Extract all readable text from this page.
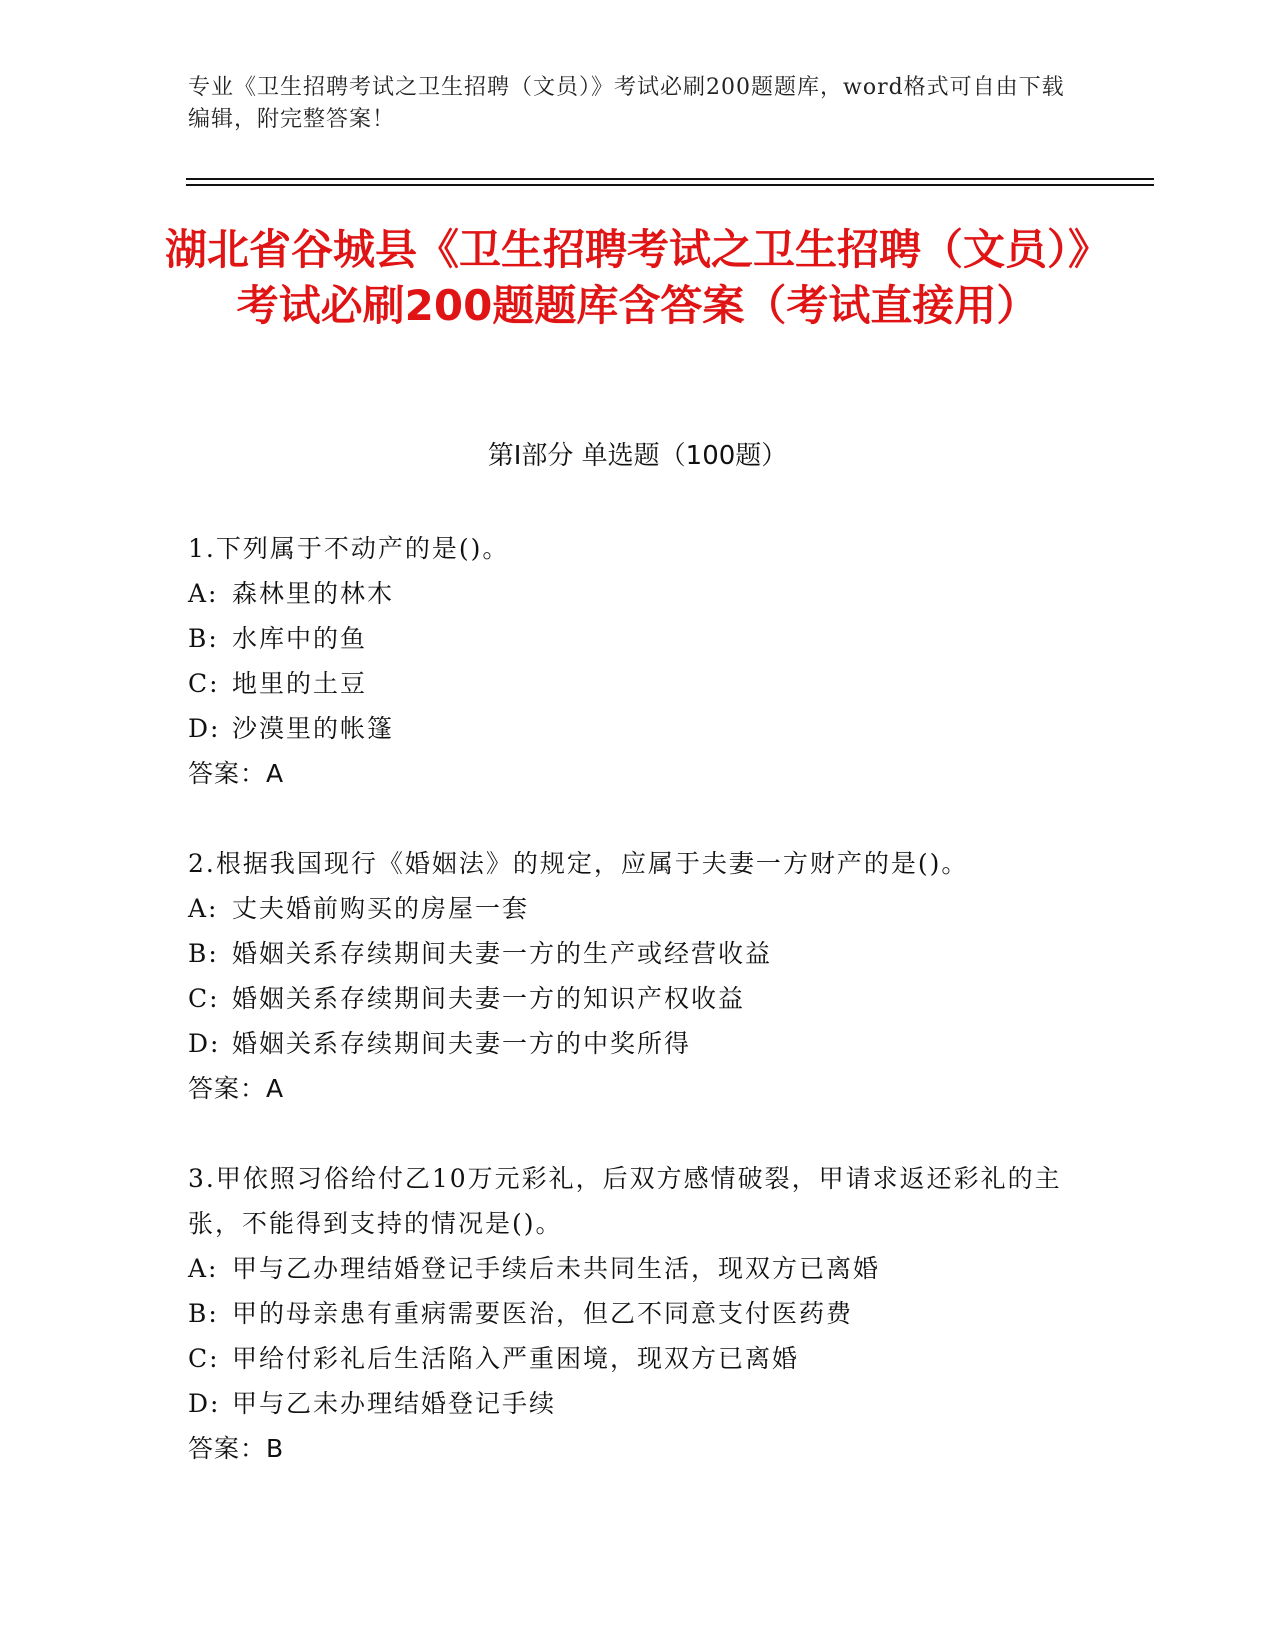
专业《卫生招聘考试之卫生招聘（文员）》考试必刷200题题库，word格式可自由下载编辑，附完整答案！
湖北省谷城县《卫生招聘考试之卫生招聘（文员）》考试必刷200题题库含答案（考试直接用）
第Ⅰ部分 单选题（100题）
1.下列属于不动产的是()。
A: 森林里的林木
B: 水库中的鱼
C: 地里的土豆
D: 沙漠里的帐篷
答案：A
2.根据我国现行《婚姻法》的规定，应属于夫妻一方财产的是()。
A: 丈夫婚前购买的房屋一套
B: 婚姻关系存续期间夫妻一方的生产或经营收益
C: 婚姻关系存续期间夫妻一方的知识产权收益
D: 婚姻关系存续期间夫妻一方的中奖所得
答案：A
3.甲依照习俗给付乙10万元彩礼，后双方感情破裂，甲请求返还彩礼的主张，不能得到支持的情况是()。
A: 甲与乙办理结婚登记手续后未共同生活，现双方已离婚
B: 甲的母亲患有重病需要医治，但乙不同意支付医药费
C: 甲给付彩礼后生活陷入严重困境，现双方已离婚
D: 甲与乙未办理结婚登记手续
答案：B
